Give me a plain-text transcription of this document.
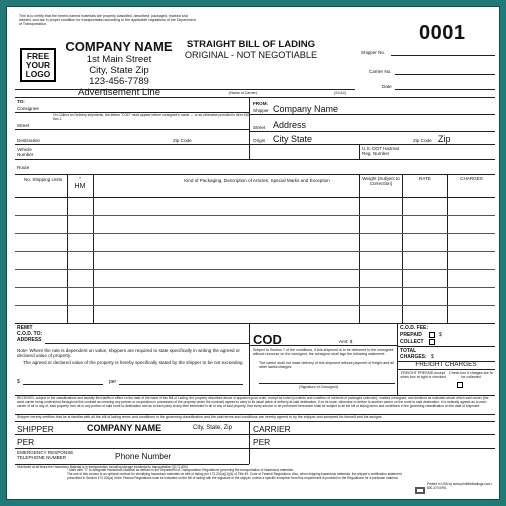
This is to certify that the herein-named materials are properly classified, described, packaged, marked and labeled, and are in proper condition for transportation according to the applicable regulations of the Department of Transportation.
FREE
YOUR
LOGO
COMPANY NAME
1st Main Street
City, State Zip
123-456-7789
Advertisement Line
STRAIGHT BILL OF LADING
ORIGINAL - NOT NEGOTIABLE
0001
Shipper No.
Carrier No.
Date
(Name of Carrier)	(SCAC)
TO:
Consignee
On Collect on Delivery shipments, the letters "COD" must appear before consignee's name — or as otherwise provided in Item 430, Sec.1
Street
Destination	Zip Code
Vehicle
Number
FROM:
Shipper Company Name
Street Address
Origin City State	Zip Code Zip
U.S. DOT Hazmat
Reg. Number
Route
No. Shipping Units	*
HM
Kind of Packaging, Description of Articles, Special Marks and Exception	Weight (Subject to Correction)
RATE	CHARGES
REMIT
C.O.D. TO:
ADDRESS	COD	Amt: $
C.O.D. FEE:
PREPAID	$
COLLECT
TOTAL
CHARGES: $
FREIGHT CHARGES
FREIGHT PREPAID except when box at right is checked
Check box if charges are to be collected
Note- Where the rate is dependent on value, shippers are required to state specifically in writing the agreed or declared value of property.
The agreed or declared value of the property is hereby specifically stated by the shipper to be not exceeding
$	per
Subject to Section 7 of the conditions, if this shipment is to be delivered to the consignee without recourse on the consignor, the consignor shall sign the following statement:
The carrier shall not make delivery of this shipment without payment of freight and all other lawful charges.
(Signature of Consignor)
RECEIVED, subject to the classifications and lawfully filed tariffs in effect on the date of the issue of this Bill of Lading, the property described above in apparent good order, except as noted (contents and condition of contents of packages unknown), marked consigned, and destined as indicated above which said carrier (the word carrier being understood throughout this contract as meaning any person or corporation in possession of the property under the contract) agrees to carry to its usual place of delivery at said destination, if on its route, otherwise to deliver to another carrier on the route to said destination. It is mutually agreed as to each carrier of all or any of, said property over all or any portion of said route to destination and as to each party at any time interested in all or any of said property, that every service to be performed hereunder shall be subject to all the bill of lading terms and conditions in the governing classification on the date of shipment.
Shipper hereby certifies that he is familiar with all the bill of lading terms and conditions in the governing classification and the said terms and conditions are hereby agreed to by the shipper and accepted for himself and his assigns.
SHIPPER	COMPANY NAME	City, State, Zip	CARRIER
PER	PER
EMERGENCY RESPONSE TELEPHONE NUMBER	Phone Number
Monitored at all times the Hazardous Material is in transportation including storage incidental to transportation (§172.604)
* Mark with "X" to designate Hazardous Material as defined in the Department of Transportation Regulations governing the transportation of hazardous materials.
The use of this column is an optional method for identifying hazardous materials on bills of lading per 172.201(a)(1)(iii) of Title 49, Code of Federal Regulations. Also, when shipping hazardous materials, the shipper's certification statement prescribed in Section 172.204(a) of the Federal Regulations must be indicated on the bill of lading with the signature of the shipper, unless a specific exception from this requirement is provided in the Regulations for a particular material.
Printed in USA by www.printbillofladings.com • 800.370.0991
